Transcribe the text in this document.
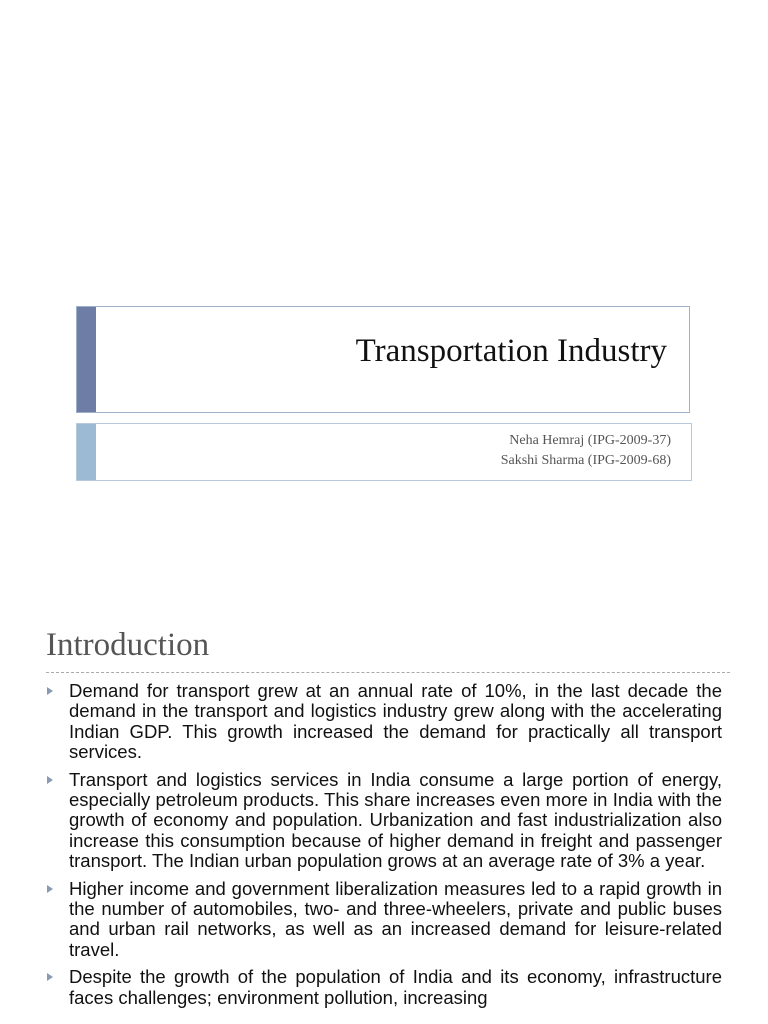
Transportation Industry
Neha Hemraj (IPG-2009-37)
Sakshi Sharma (IPG-2009-68)
Introduction
Demand for transport grew at an annual rate of 10%, in the last decade the demand in the transport and logistics industry grew along with the accelerating Indian GDP. This growth increased the demand for practically all transport services.
Transport and logistics services in India consume a large portion of energy, especially petroleum products. This share increases even more in India with the growth of economy and population. Urbanization and fast industrialization also increase this consumption because of higher demand in freight and passenger transport. The Indian urban population grows at an average rate of 3% a year.
Higher income and government liberalization measures led to a rapid growth in the number of automobiles, two- and three-wheelers, private and public buses and urban rail networks, as well as an increased demand for leisure-related travel.
Despite the growth of the population of India and its economy, infrastructure faces challenges; environment pollution, increasing
